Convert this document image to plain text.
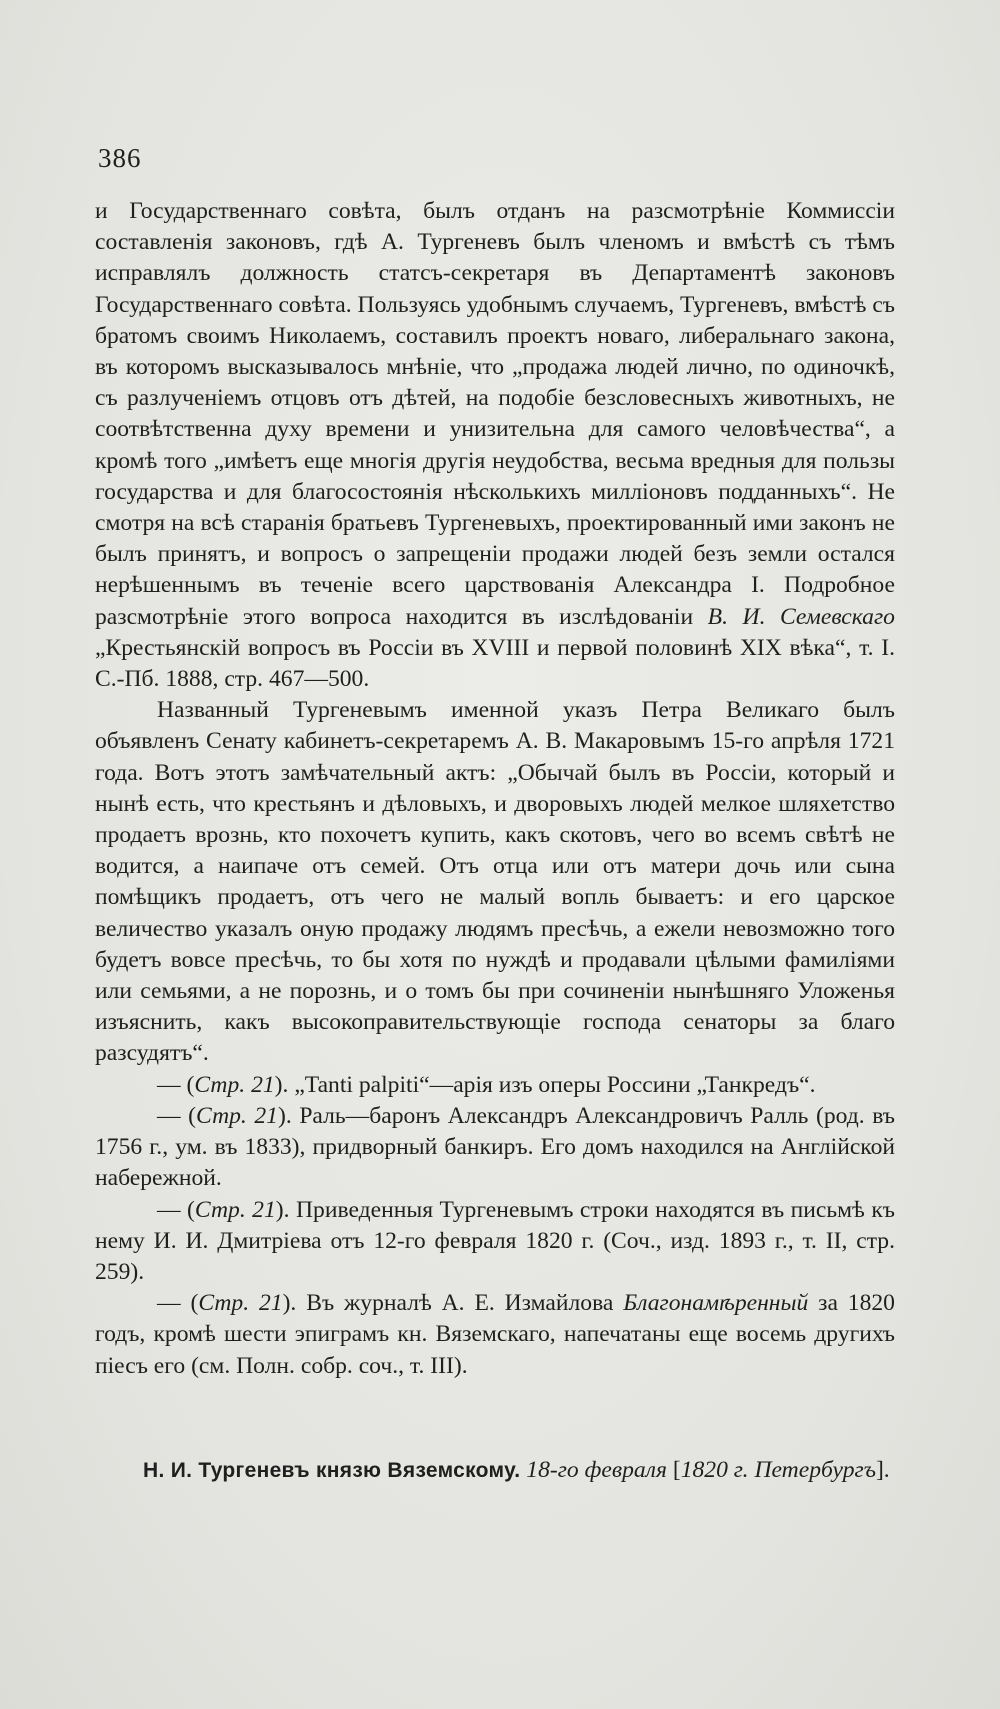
386

и Государственнаго совѣта, былъ отданъ на разсмотрѣніе Коммиссіи составленія законовъ, гдѣ А. Тургеневъ былъ членомъ и вмѣстѣ съ тѣмъ исправлялъ должность статсъ-секретаря въ Департаментѣ законовъ Государственнаго совѣта. Пользуясь удобнымъ случаемъ, Тургеневъ, вмѣстѣ съ братомъ своимъ Николаемъ, составилъ проектъ новаго, либеральнаго закона, въ которомъ высказывалось мнѣніе, что „продажа людей лично, по одиночкѣ, съ разлученіемъ отцовъ отъ дѣтей, на подобіе безсловесныхъ животныхъ, не соотвѣтственна духу времени и унизительна для самого человѣчества“, а кромѣ того „имѣетъ еще многія другія неудобства, весьма вредныя для пользы государства и для благосостоянія нѣсколькихъ милліоновъ подданныхъ“. Не смотря на всѣ старанія братьевъ Тургеневыхъ, проектированный ими законъ не былъ принятъ, и вопросъ о запрещеніи продажи людей безъ земли остался нерѣшеннымъ въ теченіе всего царствованія Александра I. Подробное разсмотрѣніе этого вопроса находится въ изслѣдованіи В. И. Семевскаго „Крестьянскій вопросъ въ Россіи въ XVIII и первой половинѣ XIX вѣка“, т. I. С.-Пб. 1888, стр. 467—500.

Названный Тургеневымъ именной указъ Петра Великаго былъ объявленъ Сенату кабинетъ-секретаремъ А. В. Макаровымъ 15-го апрѣля 1721 года. Вотъ этотъ замѣчательный актъ: „Обычай былъ въ Россіи, который и нынѣ есть, что крестьянъ и дѣловыхъ, и дворовыхъ людей мелкое шляхетство продаетъ врознь, кто похочетъ купить, какъ скотовъ, чего во всемъ свѣтѣ не водится, а наипаче отъ семей. Отъ отца или отъ матери дочь или сына помѣщикъ продаетъ, отъ чего не малый вопль бываетъ: и его царское величество указалъ оную продажу людямъ пресѣчь, а ежели невозможно того будетъ вовсе пресѣчь, то бы хотя по нуждѣ и продавали цѣлыми фамиліями или семьями, а не порознь, и о томъ бы при сочиненіи нынѣшняго Уложенья изъяснить, какъ высокоправительствующіе господа сенаторы за благо разсудятъ“.

— (Стр. 21). „Tanti palpiti“—арія изъ оперы Россини „Танкредъ“.

— (Стр. 21). Раль—баронъ Александръ Александровичъ Ралль (род. въ 1756 г., ум. въ 1833), придворный банкиръ. Его домъ находился на Англійской набережной.

— (Стр. 21). Приведенныя Тургеневымъ строки находятся въ письмѣ къ нему И. И. Дмитріева отъ 12-го февраля 1820 г. (Соч., изд. 1893 г., т. II, стр. 259).

— (Стр. 21). Въ журналѣ А. Е. Измайлова Благонамѣренный за 1820 годъ, кромѣ шести эпиграмъ кн. Вяземскаго, напечатаны еще восемь другихъ піесъ его (см. Полн. собр. соч., т. III).

Н. И. Тургеневъ князю Вяземскому. 18-го февраля [1820 г. Петербургъ].
